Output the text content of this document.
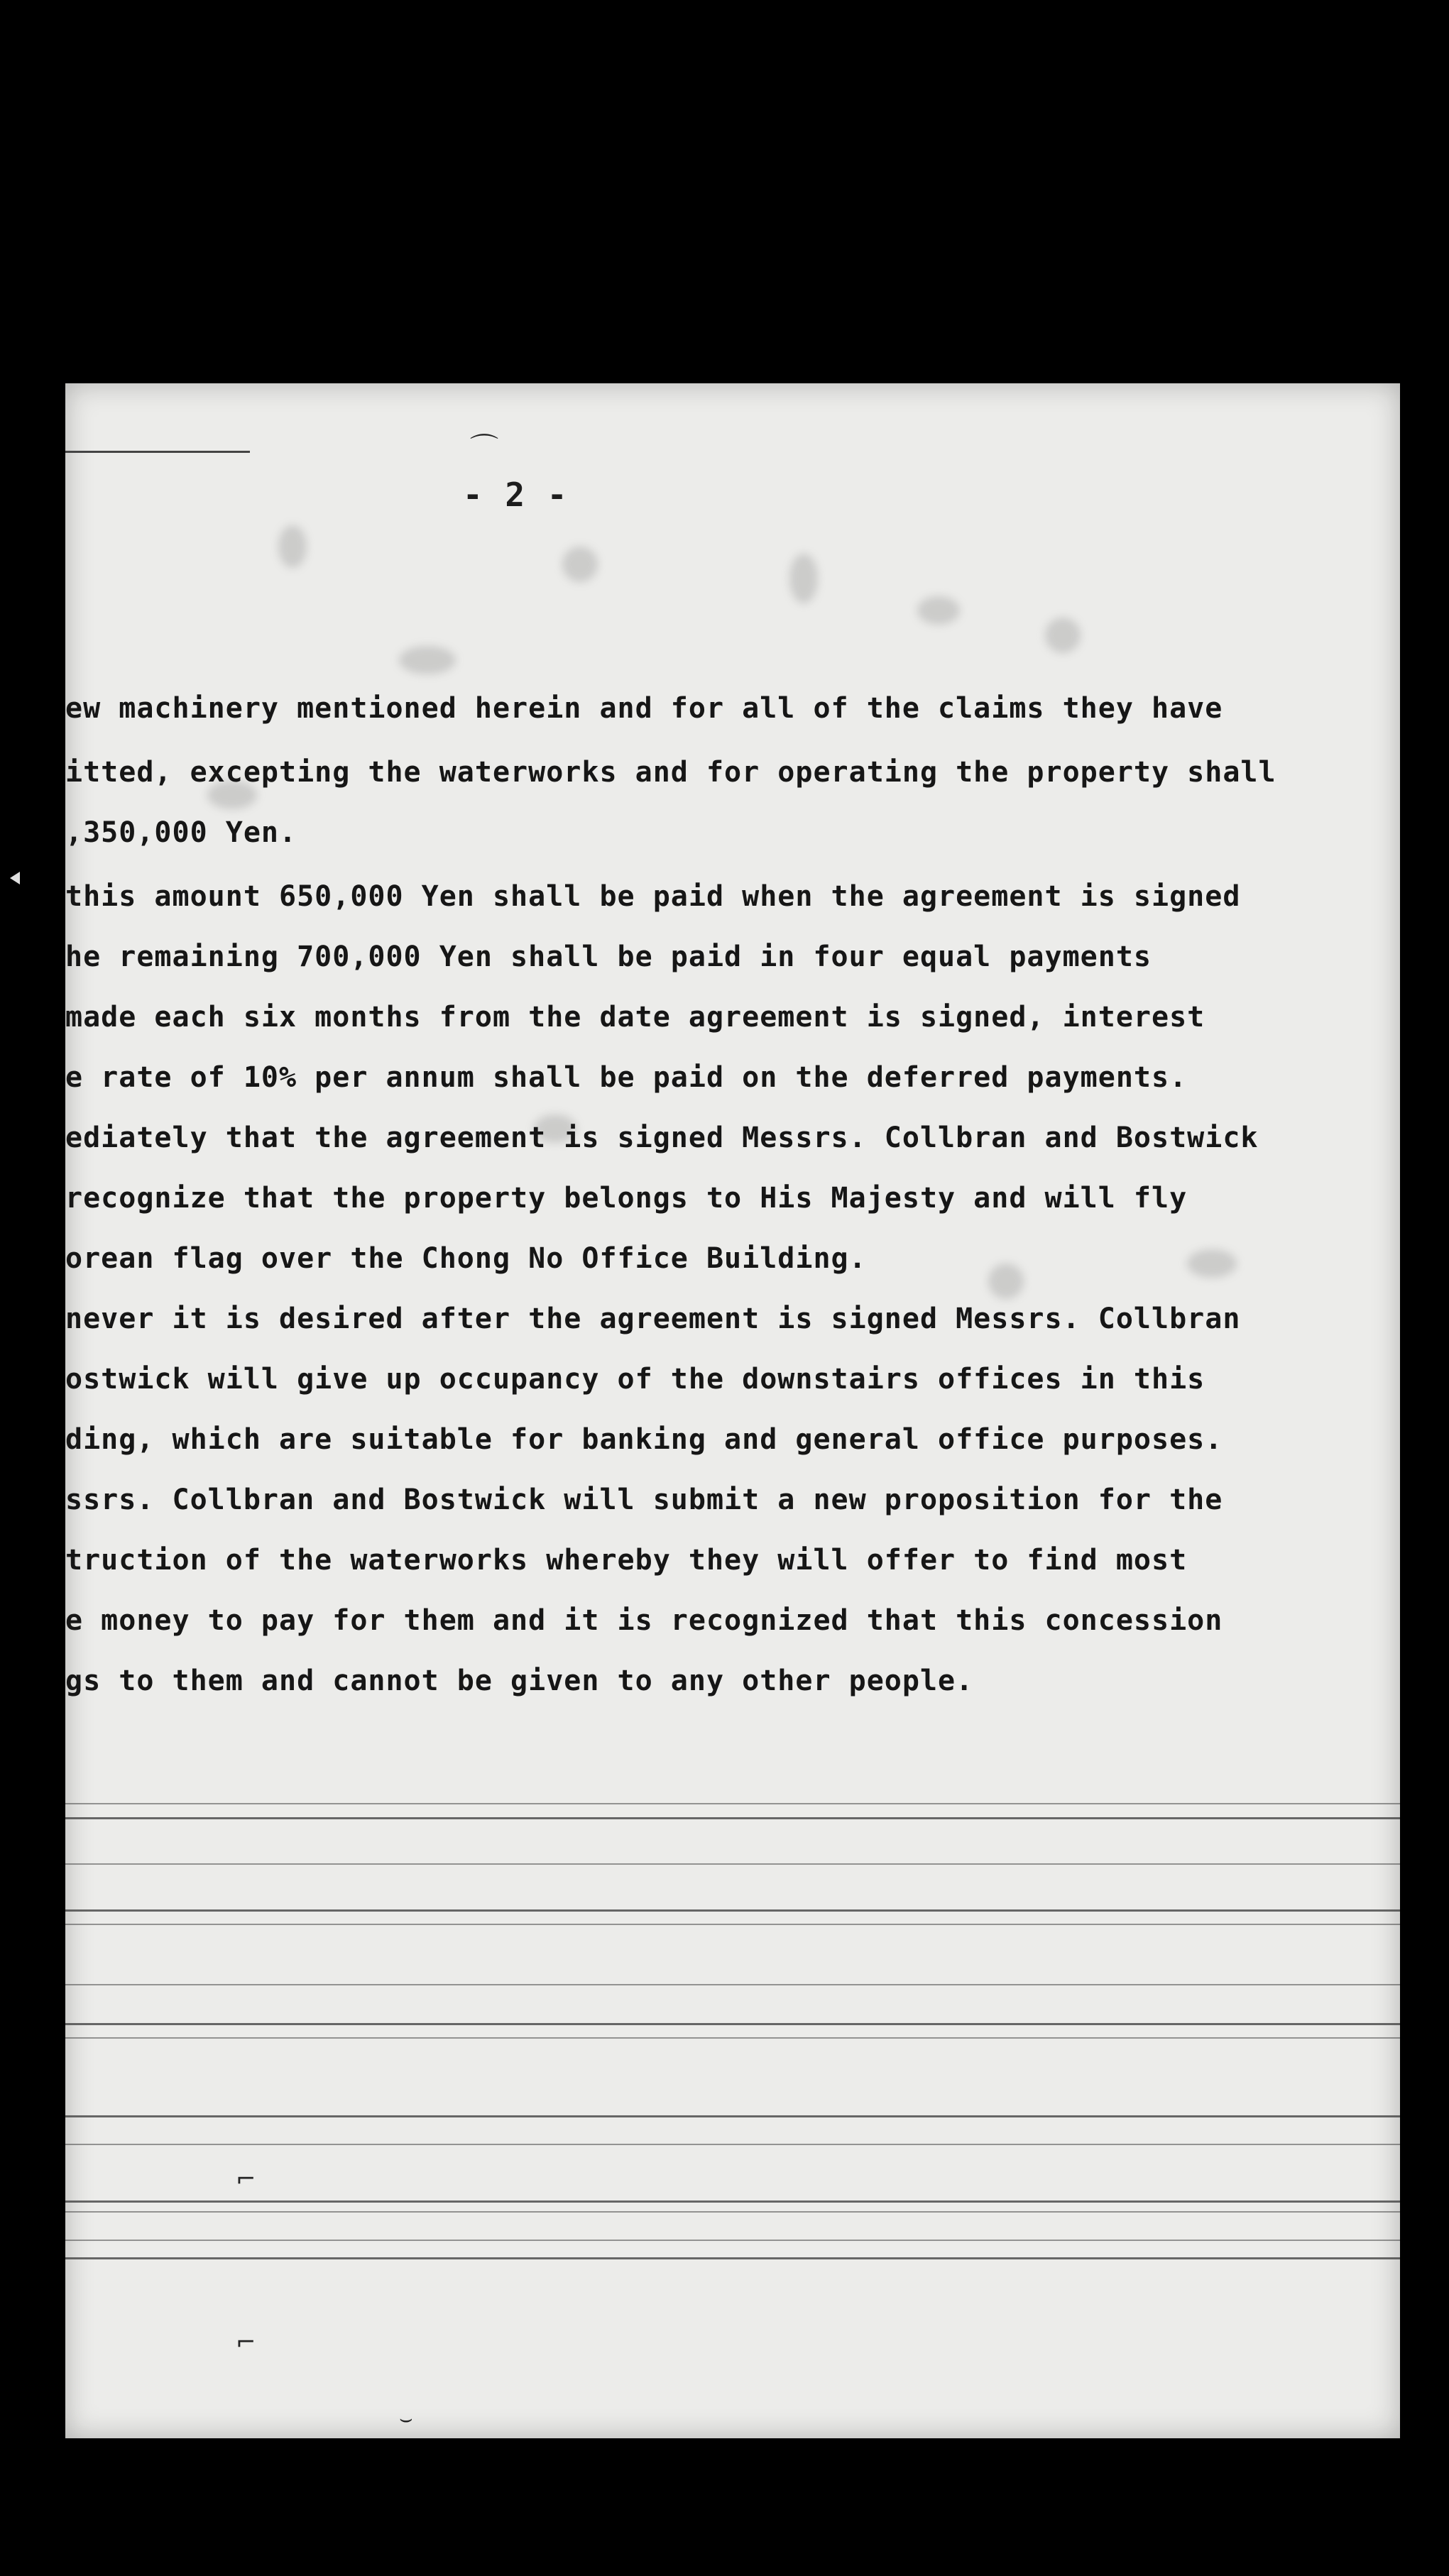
⌒
- 2 -
ew machinery mentioned herein and for all of the claims they have
itted, excepting the waterworks and for operating the property shall
,350,000 Yen.
this amount 650,000 Yen shall be paid when the agreement is signed
he remaining 700,000 Yen shall be paid in four equal payments
made each six months from the date agreement is signed, interest
e rate of 10% per annum shall be paid on the deferred payments.
ediately that the agreement is signed Messrs. Collbran and Bostwick
recognize that the property belongs to His Majesty and will fly
orean flag over the Chong No Office Building.
never it is desired after the agreement is signed Messrs. Collbran
ostwick will give up occupancy of the downstairs offices in this
ding, which are suitable for banking and general office purposes.
ssrs. Collbran and Bostwick will submit a new proposition for the
truction of the waterworks whereby they will offer to find most
e money to pay for them and it is recognized that this concession
gs to them and cannot be given to any other people.
⌐
⌐
⌣
